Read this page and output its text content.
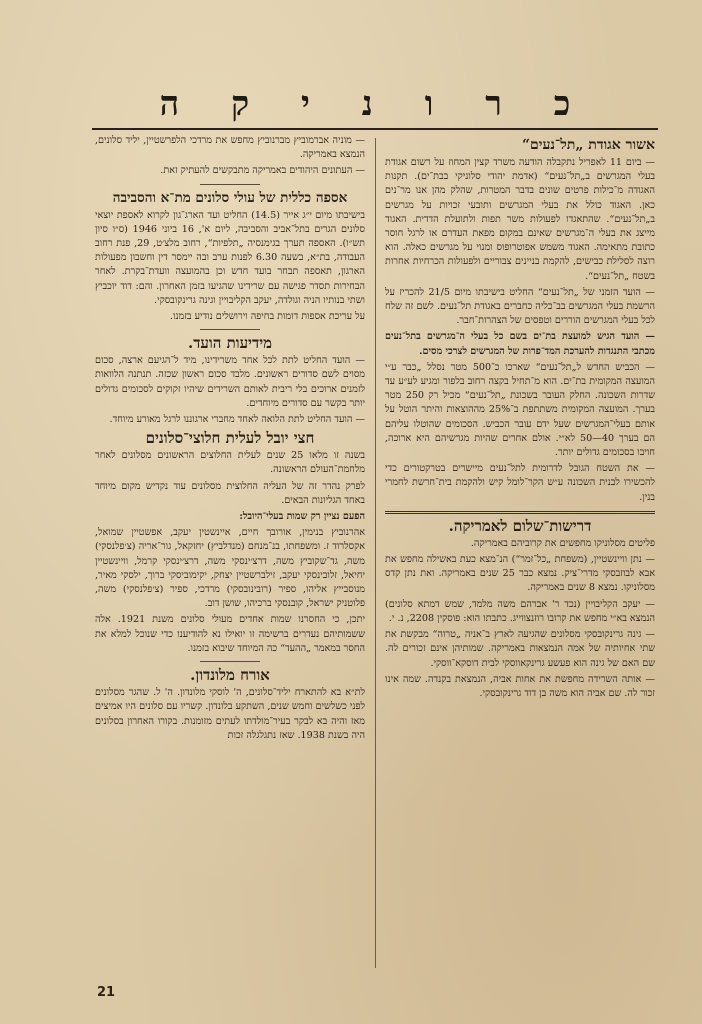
כ ר ו נ י ק ה
אשור אגודת „תל־נעים“

— ביום 11 לאפריל נתקבלה הודעה משרד קצין המחוז על רשום אגודת בעלי המגרשים ב„תל־נעים“ (אדמת יהודי סלוניקי בבת־ים). תקנות האגודה מ־כילות פרטים שונים בדבר המטרות, שהלק מהן אנו מר־נים כאן. האגוד כולל את בעלי המגרשים ותובעי זכויות על מגרשים ב„תל־נעים“. שהתאגדו לפעולות משר תפות ולתועלת הדדית. האגוד מייצג את בעלי ה־מגרשים שאינם במקום מפאת העדרם או לרגל חוסר כתובת מתאימה. האגוד משמש אפוטרופוס ומנוי על מגרשים כאלה. הוא רוצה לסלילת כבישים, להקמת בניינים צבוריים ולפעולות הכרחיות אחרות בשטח „תל־נעים“.

— הועד הזמני של „תל־נעים“ החליט בישיבתו מיום 21/5 להכריז על הרשמת בעלי המגרשים בב־כליה כחברים באגודת תל־נעים. לשם זה שלח לכל בעלי המגרשים הוררים וטפסים של הצהרות־חבר.

— הועד הגיש למועצת בת־ים בשם כל בעלי ה־מגרשים בתל־נעים מכתבי התנגדות להערכת המד־פרות של המגרשים לצרכי מסים.

— הכביש החדש ל„תל־נעים“ שארכו כ־500 מטר נסלל „כבר ע״י המועצה המקומית בת־ים. הוא מ־תחיל בקצה רחוב בלפור ומגיע לע״ע עד שדרות השכונה. החלק העובר בשכונת „תל־נעים“ מכיל רק 250 מטר בערך. המועצה המקומית משתתפת ב־25% מההוצאות והיתר הוטל על אותם בעלי־המגרשים שעל ידם עובר הכביש. הסכומים שהוטלו עליהם הם בערך 40—50 לא״י. אולם אחרים שהיות מגרשיהם היא ארוכה, חויבו בסכומים גדולים יותר.

— את השטח הגובל לדרומית לתל־נעים מיישרים בטרקטורים כדי להכשירו לבנית השכונה ע״ש הקר־לומל קיש ולהקמת בית־חרשת לחמרי בנין.

דרישות־שלום לאמריקה.

פליטים מסלוניקו מחפשים את קרוביהם באמריקה.

— נתן וויינשטיין, (משפחת „כל־זמר“) הנ־מצא כעת באשילה מחפש את אבא לבוזבסקי מדרי־ציק. נמצא כבר 25 שנים באמריקה. ואת נתן קדס מסלוניקו. נמצא 8 שנים באמריקה.

— יעקב הקליבויין (נכד ר' אברהם משה מלמד, שמש דמתא סלונים) הנמצא בא״י מחפש את קרובו רוזנצווייג. כתבתו הוא: פוסקין 2208, נ. י.

— גינה גרינקובסקי מסלונים שהגיעה לארץ ב־אניה „טרוה“ מבקשת את שתי אחיותיה של אמה הנמצאות באמריקה. שמותיהן אינם זכורים לה. שם האם של גינה הוא פעשע גרינקאווסקי לבית דוסקא־ווסקי.

— אותה השרידה מחפשת את אחות אביה, הנמצאת בקנדה. שמה אינו זכור לה. שם אביה הוא משה בן דוד גרינקובסקי.

— מוניה אברמוביץ מברנוביץ מחפש את מרדכי הלפרשטיין, יליד סלונים, הנמצא באמריקה.

— העתונים היהודים באמריקה מתבקשים להעתיק זאת.

אספה כללית של עולי סלונים מת־א והסביבה

בישיבתו מיום י״ג אייר (14.5) החליט ועד הארג־גון לקרוא לאספת יוצאי סלונים הגרים בתל־אביב והסביבה, ליום א', 16 ביוני 1946 (ס״ו סיון תש״ו). האספה תערך בגימנסיה „תלפיות“, רחוב מלצ׳ט, 29, פנת רחוב העבודה, בת״א, בשעה 6.30 לפנות ערב ובה יימסר דין וחשבון מפעולות הארגון, תאספה תבחר בועד חדש וכן בהמועצה וועדת־בקרת. לאחר הבחירות תסדר פגישה עם שרידינו שהגיעו בזמן האחרון. והם: דוד יוכביץ ושתי בנותיו הניה וגולדה, יעקב הקליבויין וגינה גרינקובסקי.

על עריכת אספות דומות בחיפה וירושלים נודיע בזמנו.

מידיעות הועד.

— הועד החליט לתת לכל אחד משרידינו, מיד ל־הגיעם ארצה, סכום מסוים לשם סדורים ראשונים. מלבד סכום ראשון שכזה. תנתנה הלוואות לזמנים ארוכים בלי ריבית לאותם השרידים שיהיו זקוקים לסכומים גדולים יותר בקשר עם סדורים מיוחדים.

— הועד החליט לתת הלואה לאחד מחברי ארגוננו לרגל מאורע מיוחד.

חצי יובל לעלית חלוצי־סלונים

בשנה זו מלאו 25 שנים לעלית החלוצים הראשונים מסלונים לאחר מלחמת־העולם הראשונה.

לפרק נהדר זה של העליה החלוצית מסלונים עוד נקדיש מקום מיוחד באחד הגליונות הבאים.

הפעם נציין רק שמות בעלי־היובל:

אהרנוביץ בנימין, אורובך חיים, איינשטין יעקב, אפשטיין שמואל, אקסלרוד ז. ומשפחתו, בנ־מנחם (מנדלביץ) יחזקאל, גור־אריה (צ׳פלנסקי) משה, גד־שקוביץ משה, דרצ׳ינסקי משה, דרצ׳ינסקי קרמל, וויינשטיין יחיאל, זלובינסקי יעקב, זילברשטיין יצחק, יקימוביסקי ברוך, ילסקי מאיר, מנוסבייץ אליהו, ספיר (רובינובסקי) מרדכי, ספיר (צ׳פלנסקי) משה, פלוטניק ישראל, קובנסקי ברכיהו, שושן דוב.

יתכן, כי החסרנו שמות אחדים מעולי סלונים משנת 1921. אלה ששמותיהם נעדרים ברשימה זו יואילו נא להודיענו כדי שנוכל למלא את החסר במאמר „ההעד“ כה המיוחד שיבוא בזמנו.

אורח מלונדון.

לת״א בא להתארח יליד־סלונים, ה' לוסקי מלונדון. ה' ל. שהגר מסלונים לפני כשלשים וחמש שנים, השתקע בלונדון. קשריו עם סלונים היו אמיצים מאז והיה בא לבקר בעיר־מולדתו לעתים מזומנות. בקורו האחרון בסלונים היה בשנת 1938. שאז נתגלגלה זכות

21
